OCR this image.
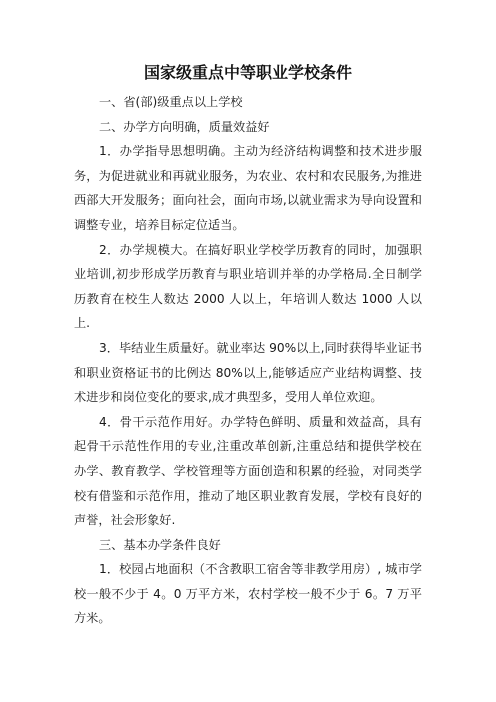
国家级重点中等职业学校条件

一、省(部)级重点以上学校

二、办学方向明确，质量效益好

1．办学指导思想明确。主动为经济结构调整和技术进步服务，为促进就业和再就业服务，为农业、农村和农民服务,为推进西部大开发服务；面向社会，面向市场,以就业需求为导向设置和调整专业，培养目标定位适当。

2．办学规模大。在搞好职业学校学历教育的同时，加强职业培训,初步形成学历教育与职业培训并举的办学格局.全日制学历教育在校生人数达 2000 人以上，年培训人数达 1000 人以上.

3．毕结业生质量好。就业率达 90%以上,同时获得毕业证书和职业资格证书的比例达 80%以上,能够适应产业结构调整、技术进步和岗位变化的要求,成才典型多，受用人单位欢迎。

4．骨干示范作用好。办学特色鲜明、质量和效益高，具有起骨干示范性作用的专业,注重改革创新,注重总结和提供学校在办学、教育教学、学校管理等方面创造和积累的经验，对同类学校有借鉴和示范作用，推动了地区职业教育发展，学校有良好的声誉，社会形象好.

三、基本办学条件良好

1．校园占地面积（不含教职工宿舍等非教学用房）, 城市学校一般不少于 4。0 万平方米，农村学校一般不少于 6。7 万平方米。
